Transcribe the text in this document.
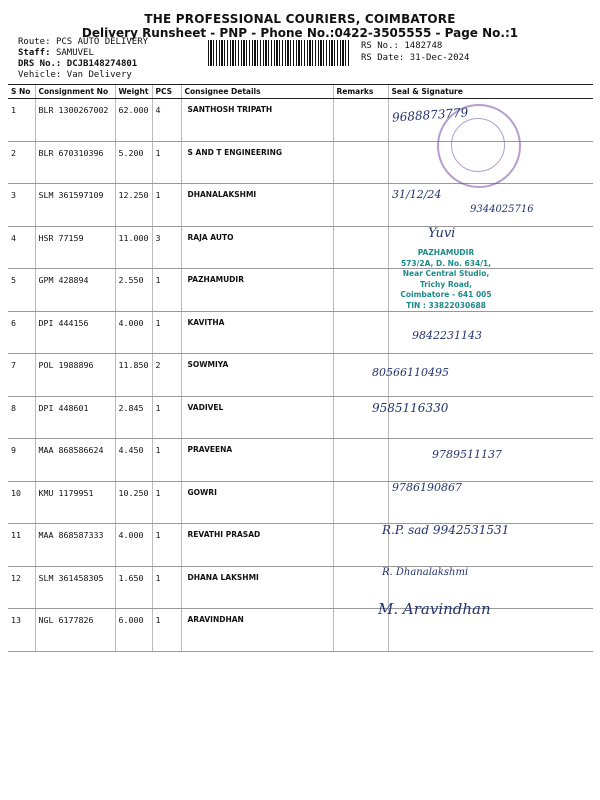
THE PROFESSIONAL COURIERS, COIMBATORE
Delivery Runsheet - PNP - Phone No.:0422-3505555 - Page No.:1
Route: PCS AUTO DELIVERY
Staff: SAMUVEL
DRS No.: DCJB148274801
Vehicle: Van Delivery
RS No.: 1482748
RS Date: 31-Dec-2024
S No	Consignment No	Weight	PCS	Consignee Details	Remarks	Seal & Signature
1	BLR 1300267002	62.000	4	SANTHOSH TRIPATH		
2	BLR 670310396	5.200	1	S AND T ENGINEERING		
3	SLM 361597109	12.250	1	DHANALAKSHMI		
4	HSR 77159	11.000	3	RAJA AUTO		
5	GPM 428894	2.550	1	PAZHAMUDIR		
6	DPI 444156	4.000	1	KAVITHA		
7	POL 1988896	11.850	2	SOWMIYA		
8	DPI 448601	2.845	1	VADIVEL		
9	MAA 868586624	4.450	1	PRAVEENA		
10	KMU 1179951	10.250	1	GOWRI		
11	MAA 868587333	4.000	1	REVATHI PRASAD		
12	SLM 361458305	1.650	1	DHANA LAKSHMI		
13	NGL 6177826	6.000	1	ARAVINDHAN		
9688873779
31/12/24
9344025716
Yuvi
PAZHAMUDIR
573/2A, D. No. 634/1,
Near Central Studio,
Trichy Road,
Coimbatore - 641 005
TIN : 33822030688
9842231143
80566110495
9585116330
9789511137
9786190867
R.P. sad 9942531531
R. Dhanalakshmi
M. Aravindhan
